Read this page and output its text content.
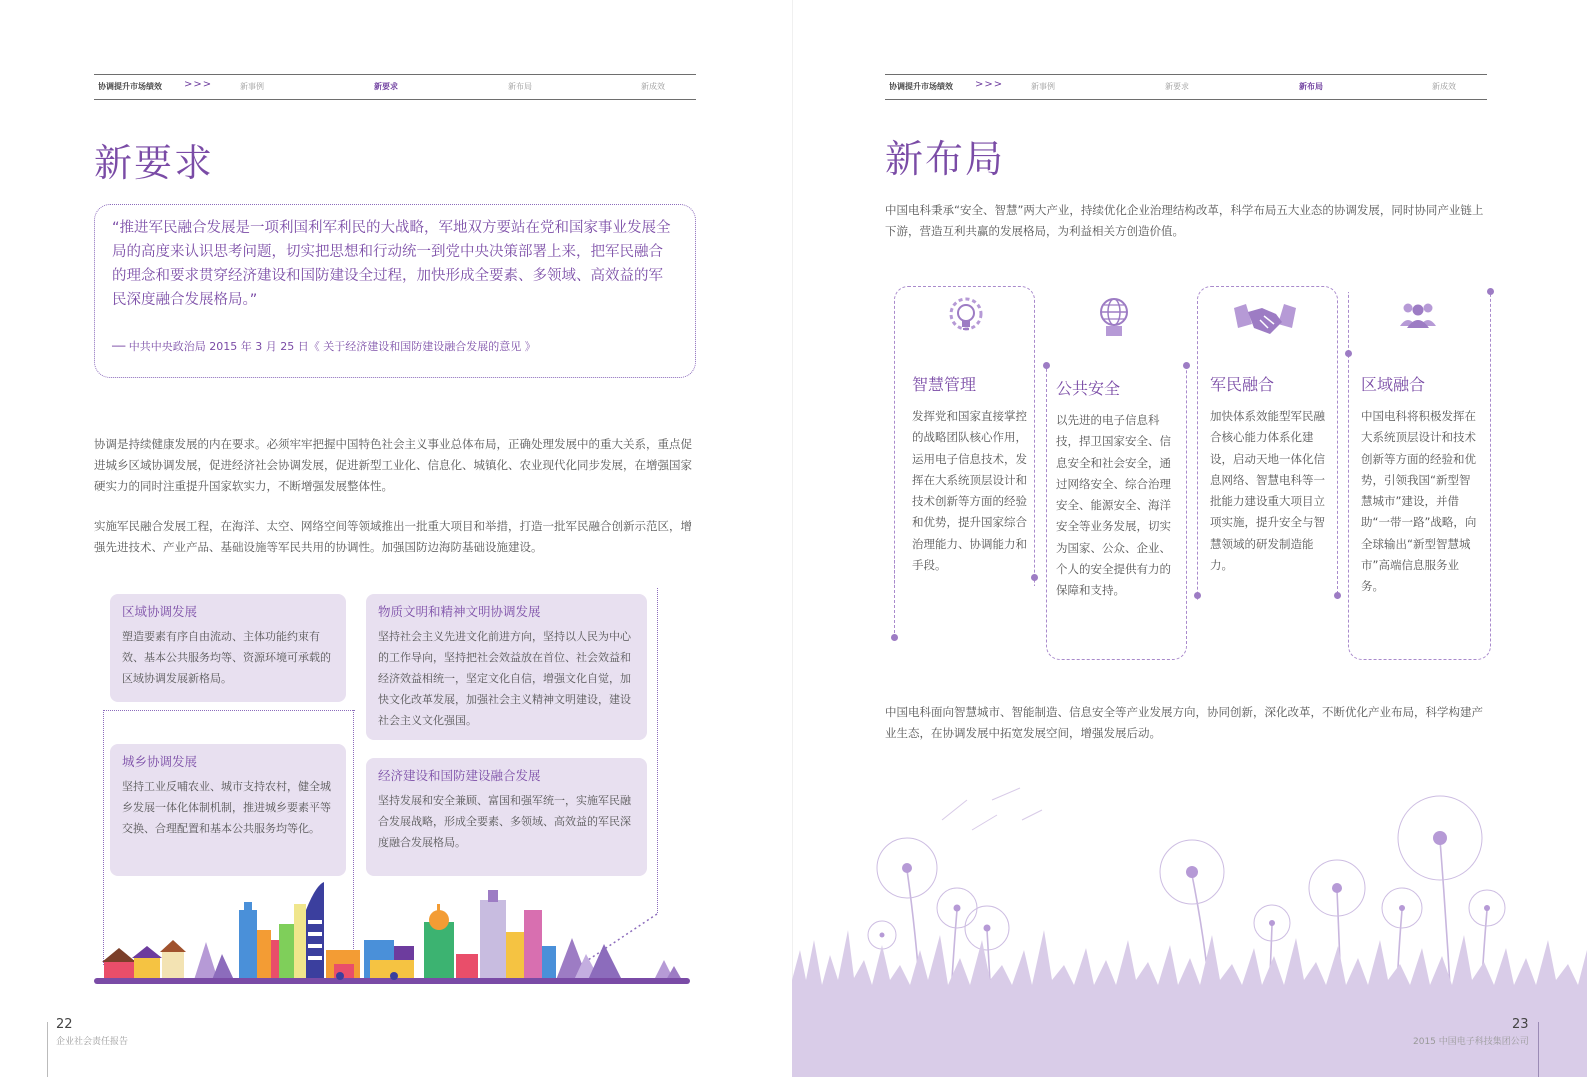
协调提升市场绩效 >>>	新事例	新要求	新布局	新成效
新要求
“推进军民融合发展是一项利国利军利民的大战略，军地双方要站在党和国家事业发展全局的高度来认识思考问题，切实把思想和行动统一到党中央决策部署上来，把军民融合的理念和要求贯穿经济建设和国防建设全过程，加快形成全要素、多领域、高效益的军民深度融合发展格局。”
── 中共中央政治局 2015 年 3 月 25 日《 关于经济建设和国防建设融合发展的意见 》
协调是持续健康发展的内在要求。必须牢牢把握中国特色社会主义事业总体布局，正确处理发展中的重大关系，重点促进城乡区域协调发展，促进经济社会协调发展，促进新型工业化、信息化、城镇化、农业现代化同步发展，在增强国家硬实力的同时注重提升国家软实力，不断增强发展整体性。
实施军民融合发展工程，在海洋、太空、网络空间等领域推出一批重大项目和举措，打造一批军民融合创新示范区，增强先进技术、产业产品、基础设施等军民共用的协调性。加强国防边海防基础设施建设。
区域协调发展
塑造要素有序自由流动、主体功能约束有效、基本公共服务均等、资源环境可承载的区域协调发展新格局。
物质文明和精神文明协调发展
坚持社会主义先进文化前进方向，坚持以人民为中心的工作导向，坚持把社会效益放在首位、社会效益和经济效益相统一，坚定文化自信，增强文化自觉，加快文化改革发展，加强社会主义精神文明建设，建设社会主义文化强国。
城乡协调发展
坚持工业反哺农业、城市支持农村，健全城乡发展一体化体制机制，推进城乡要素平等交换、合理配置和基本公共服务均等化。
经济建设和国防建设融合发展
坚持发展和安全兼顾、富国和强军统一，实施军民融合发展战略，形成全要素、多领域、高效益的军民深度融合发展格局。
22
企业社会责任报告
协调提升市场绩效 >>>	新事例	新要求	新布局	新成效
新布局
中国电科秉承“安全、智慧”两大产业，持续优化企业治理结构改革，科学布局五大业态的协调发展，同时协同产业链上下游，营造互利共赢的发展格局，为利益相关方创造价值。
智慧管理
发挥党和国家直接掌控的战略团队核心作用，运用电子信息技术，发挥在大系统顶层设计和技术创新等方面的经验和优势，提升国家综合治理能力、协调能力和手段。
公共安全
以先进的电子信息科技，捍卫国家安全、信息安全和社会安全，通过网络安全、综合治理安全、能源安全、海洋安全等业务发展，切实为国家、公众、企业、个人的安全提供有力的保障和支持。
军民融合
加快体系效能型军民融合核心能力体系化建设，启动天地一体化信息网络、智慧电科等一批能力建设重大项目立项实施，提升安全与智慧领域的研发制造能力。
区域融合
中国电科将积极发挥在大系统顶层设计和技术创新等方面的经验和优势，引领我国“新型智慧城市”建设，并借助“一带一路”战略，向全球输出“新型智慧城市”高端信息服务业务。
中国电科面向智慧城市、智能制造、信息安全等产业发展方向，协同创新，深化改革，不断优化产业布局，科学构建产业生态，在协调发展中拓宽发展空间，增强发展后动。
23
2015 中国电子科技集团公司
